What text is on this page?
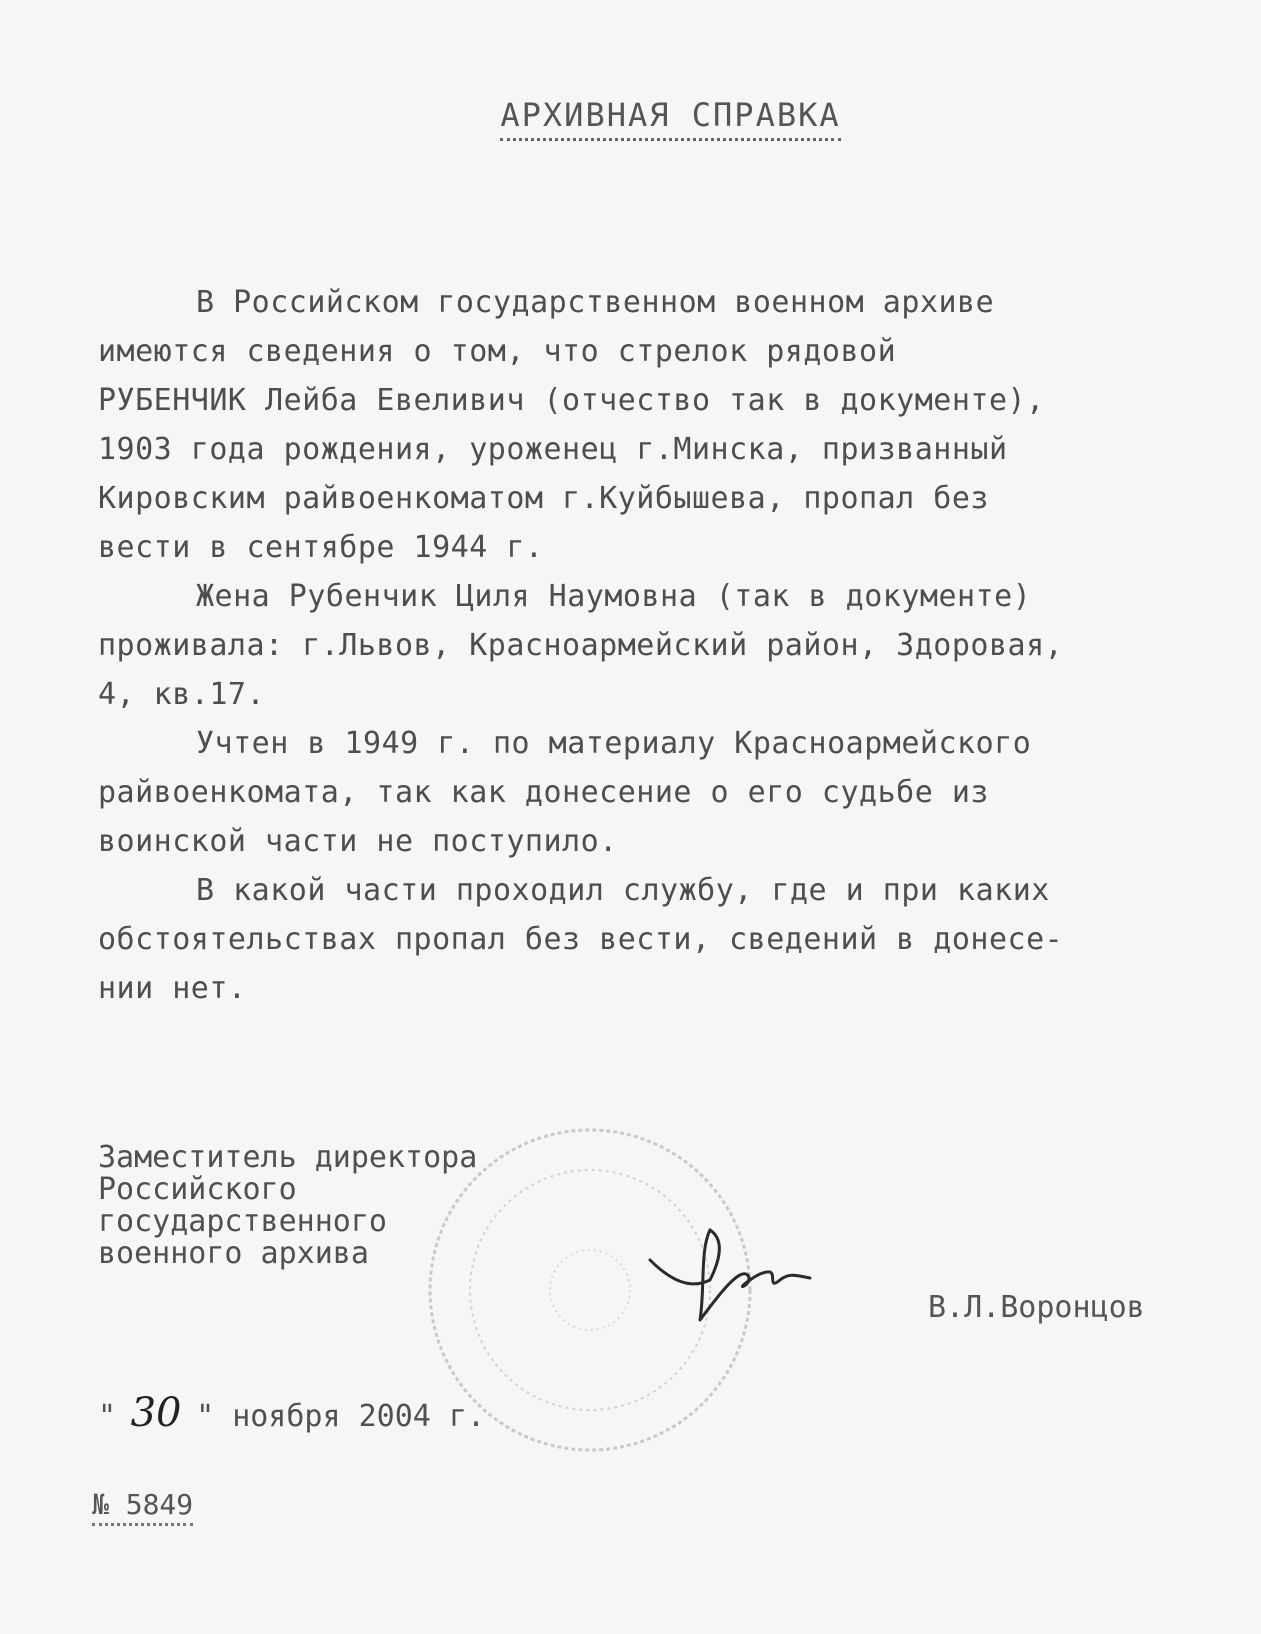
АРХИВНАЯ СПРАВКА

В Российском государственном военном архиве
имеются сведения о том, что стрелок рядовой
РУБЕНЧИК Лейба Евеливич (отчество так в документе),
1903 года рождения, уроженец г.Минска, призванный
Кировским райвоенкоматом г.Куйбышева, пропал без
вести в сентябре 1944 г.

Жена Рубенчик Циля Наумовна (так в документе)
проживала: г.Львов, Красноармейский район, Здоровая,
4, кв.17.

Учтен в 1949 г. по материалу Красноармейского
райвоенкомата, так как донесение о его судьбе из
воинской части не поступило.

В какой части проходил службу, где и при каких
обстоятельствах пропал без вести, сведений в донесе-
нии нет.

Заместитель директора
Российского
государственного
военного архива
В.Л.Воронцов
" 30 " ноября 2004 г.
№ 5849
